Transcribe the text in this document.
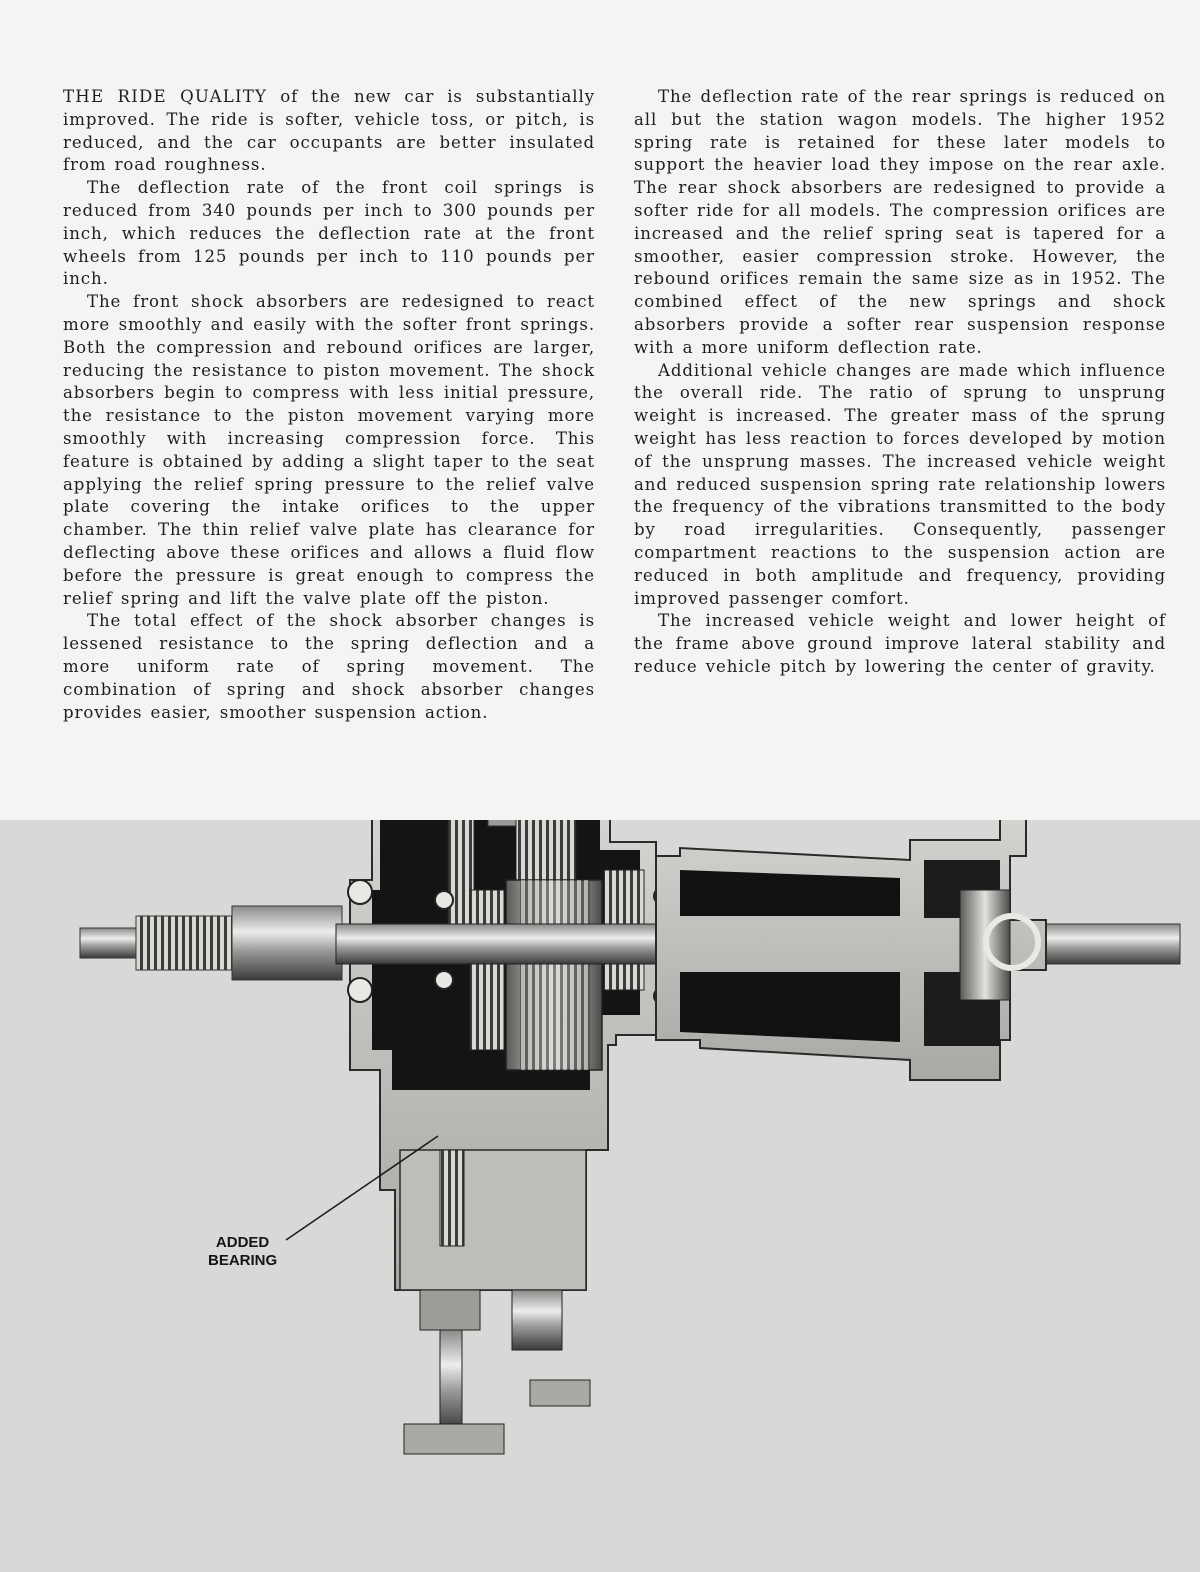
THE RIDE QUALITY of the new car is substantially improved. The ride is softer, vehicle toss, or pitch, is reduced, and the car occupants are better insulated from road roughness.

The deflection rate of the front coil springs is reduced from 340 pounds per inch to 300 pounds per inch, which reduces the deflection rate at the front wheels from 125 pounds per inch to 110 pounds per inch.

The front shock absorbers are redesigned to react more smoothly and easily with the softer front springs. Both the compression and rebound orifices are larger, reducing the resistance to piston movement. The shock absorbers begin to compress with less initial pressure, the resistance to the piston movement varying more smoothly with increasing compression force. This feature is obtained by adding a slight taper to the seat applying the relief spring pressure to the relief valve plate covering the intake orifices to the upper chamber. The thin relief valve plate has clearance for deflecting above these orifices and allows a fluid flow before the pressure is great enough to compress the relief spring and lift the valve plate off the piston.

The total effect of the shock absorber changes is lessened resistance to the spring deflection and a more uniform rate of spring movement. The combination of spring and shock absorber changes provides easier, smoother suspension action.

The deflection rate of the rear springs is reduced on all but the station wagon models. The higher 1952 spring rate is retained for these later models to support the heavier load they impose on the rear axle. The rear shock absorbers are redesigned to provide a softer ride for all models. The compression orifices are increased and the relief spring seat is tapered for a smoother, easier compression stroke. However, the rebound orifices remain the same size as in 1952. The combined effect of the new springs and shock absorbers provide a softer rear suspension response with a more uniform deflection rate.

Additional vehicle changes are made which influence the overall ride. The ratio of sprung to unsprung weight is increased. The greater mass of the sprung weight has less reaction to forces developed by motion of the unsprung masses. The increased vehicle weight and reduced suspension spring rate relationship lowers the frequency of the vibrations transmitted to the body by road irregularities. Consequently, passenger compartment reactions to the suspension action are reduced in both amplitude and frequency, providing improved passenger comfort.

The increased vehicle weight and lower height of the frame above ground improve lateral stability and reduce vehicle pitch by lowering the center of gravity.

ADDED
BEARING
